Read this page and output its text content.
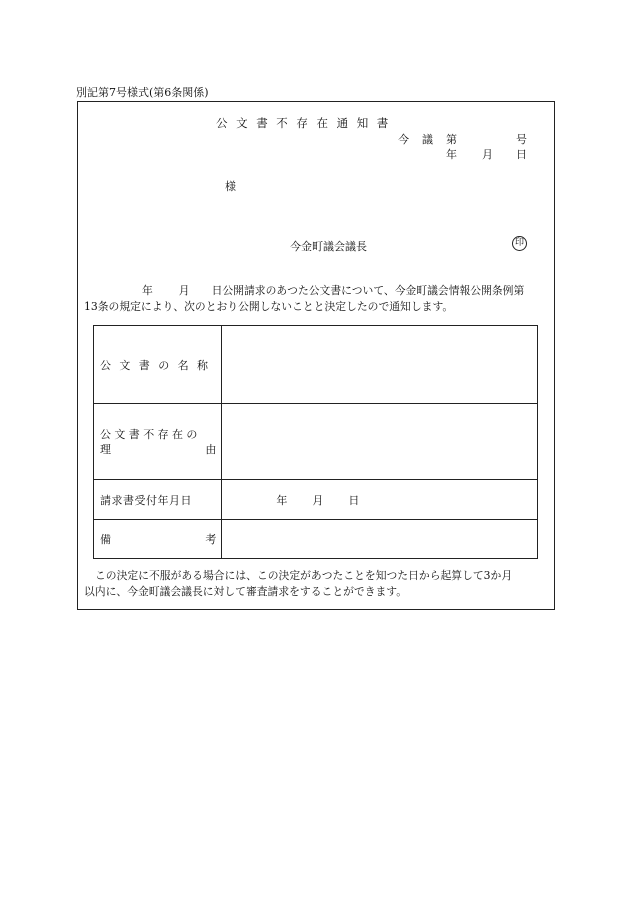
別記第7号様式(第6条関係)
公文書不存在通知書
今 議 第	号
年 月 日
様
今金町議会議長	印
年 月 日公開請求のあつた公文書について、今金町議会情報公開条例第
13条の規定により、次のとおり公開しないことと決定したので通知します。
公文書の名称	

公文書不存在の
理 由	

請求書受付年月日	年 月 日

備 考	

この決定に不服がある場合には、この決定があつたことを知つた日から起算して3か月
以内に、今金町議会議長に対して審査請求をすることができます。
